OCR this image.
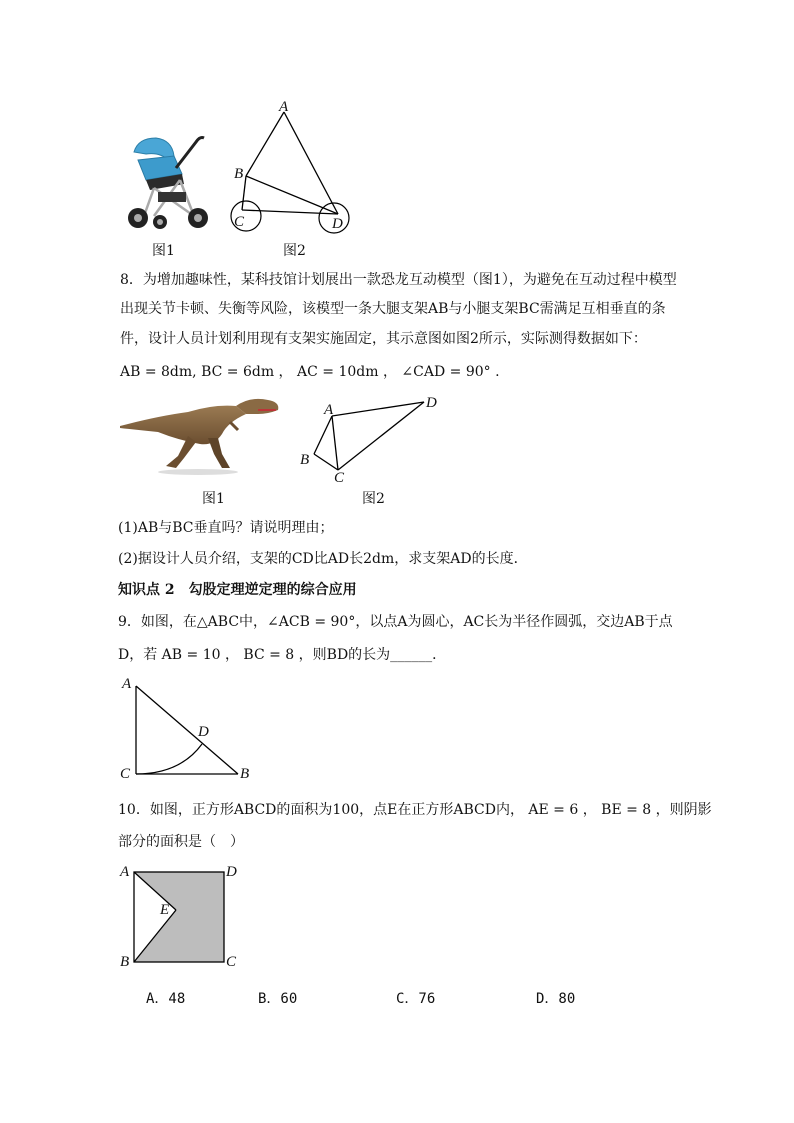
图1
A
B
C	D
图2
8．为增加趣味性，某科技馆计划展出一款恐龙互动模型（图1），为避免在互动过程中模型
出现关节卡顿、失衡等风险，该模型一条大腿支架AB与小腿支架BC需满足互相垂直的条
件，设计人员计划利用现有支架实施固定，其示意图如图2所示，实际测得数据如下：
AB = 8dm, BC = 6dm ， AC = 10dm ， ∠CAD = 90° .
图1
A
B
C
D
图2
(1)AB与BC垂直吗？请说明理由；
(2)据设计人员介绍，支架的CD比AD长2dm，求支架AD的长度．
知识点 2　勾股定理逆定理的综合应用
9．如图，在△ABC中，∠ACB = 90°，以点A为圆心，AC长为半径作圆弧，交边AB于点
D，若 AB = 10 ， BC = 8 ，则BD的长为______．
A
C
D
B
10．如图，正方形ABCD的面积为100，点E在正方形ABCD内， AE = 6 ， BE = 8 ，则阴影
部分的面积是（　）
A	D
E
B	C
A．48	B．60	C．76	D．80
